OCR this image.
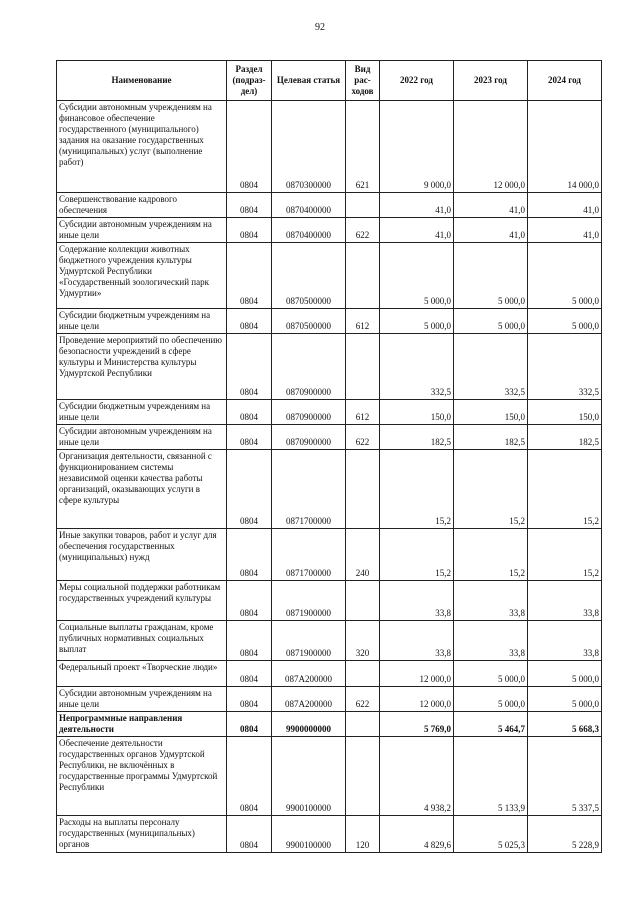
92
Наименование	Раздел (подраз-дел)	Целевая статья	Вид рас-ходов	2022 год	2023 год	2024 год
Субсидии автономным учреждениям на финансовое обеспечение государственного (муниципального) задания на оказание государственных (муниципальных) услуг (выполнение работ)	0804	0870300000	621	9 000,0	12 000,0	14 000,0
Совершенствование кадрового обеспечения	0804	0870400000		41,0	41,0	41,0
Субсидии автономным учреждениям на иные цели	0804	0870400000	622	41,0	41,0	41,0
Содержание коллекции животных бюджетного учреждения культуры Удмуртской Республики «Государственный зоологический парк Удмуртии»	0804	0870500000		5 000,0	5 000,0	5 000,0
Субсидии бюджетным учреждениям на иные цели	0804	0870500000	612	5 000,0	5 000,0	5 000,0
Проведение мероприятий по обеспечению безопасности учреждений в сфере культуры и Министерства культуры Удмуртской Республики	0804	0870900000		332,5	332,5	332,5
Субсидии бюджетным учреждениям на иные цели	0804	0870900000	612	150,0	150,0	150,0
Субсидии автономным учреждениям на иные цели	0804	0870900000	622	182,5	182,5	182,5
Организация деятельности, связанной с функционированием системы независимой оценки качества работы организаций, оказывающих услуги в сфере культуры	0804	0871700000		15,2	15,2	15,2
Иные закупки товаров, работ и услуг для обеспечения государственных (муниципальных) нужд	0804	0871700000	240	15,2	15,2	15,2
Меры социальной поддержки работникам государственных учреждений культуры	0804	0871900000		33,8	33,8	33,8
Социальные выплаты гражданам, кроме публичных нормативных социальных выплат	0804	0871900000	320	33,8	33,8	33,8
Федеральный проект «Творческие люди»	0804	087A200000		12 000,0	5 000,0	5 000,0
Субсидии автономным учреждениям на иные цели	0804	087A200000	622	12 000,0	5 000,0	5 000,0
Непрограммные направления деятельности	0804	9900000000		5 769,0	5 464,7	5 668,3
Обеспечение деятельности государственных органов Удмуртской Республики, не включённых в государственные программы Удмуртской Республики	0804	9900100000		4 938,2	5 133,9	5 337,5
Расходы на выплаты персоналу государственных (муниципальных) органов	0804	9900100000	120	4 829,6	5 025,3	5 228,9
